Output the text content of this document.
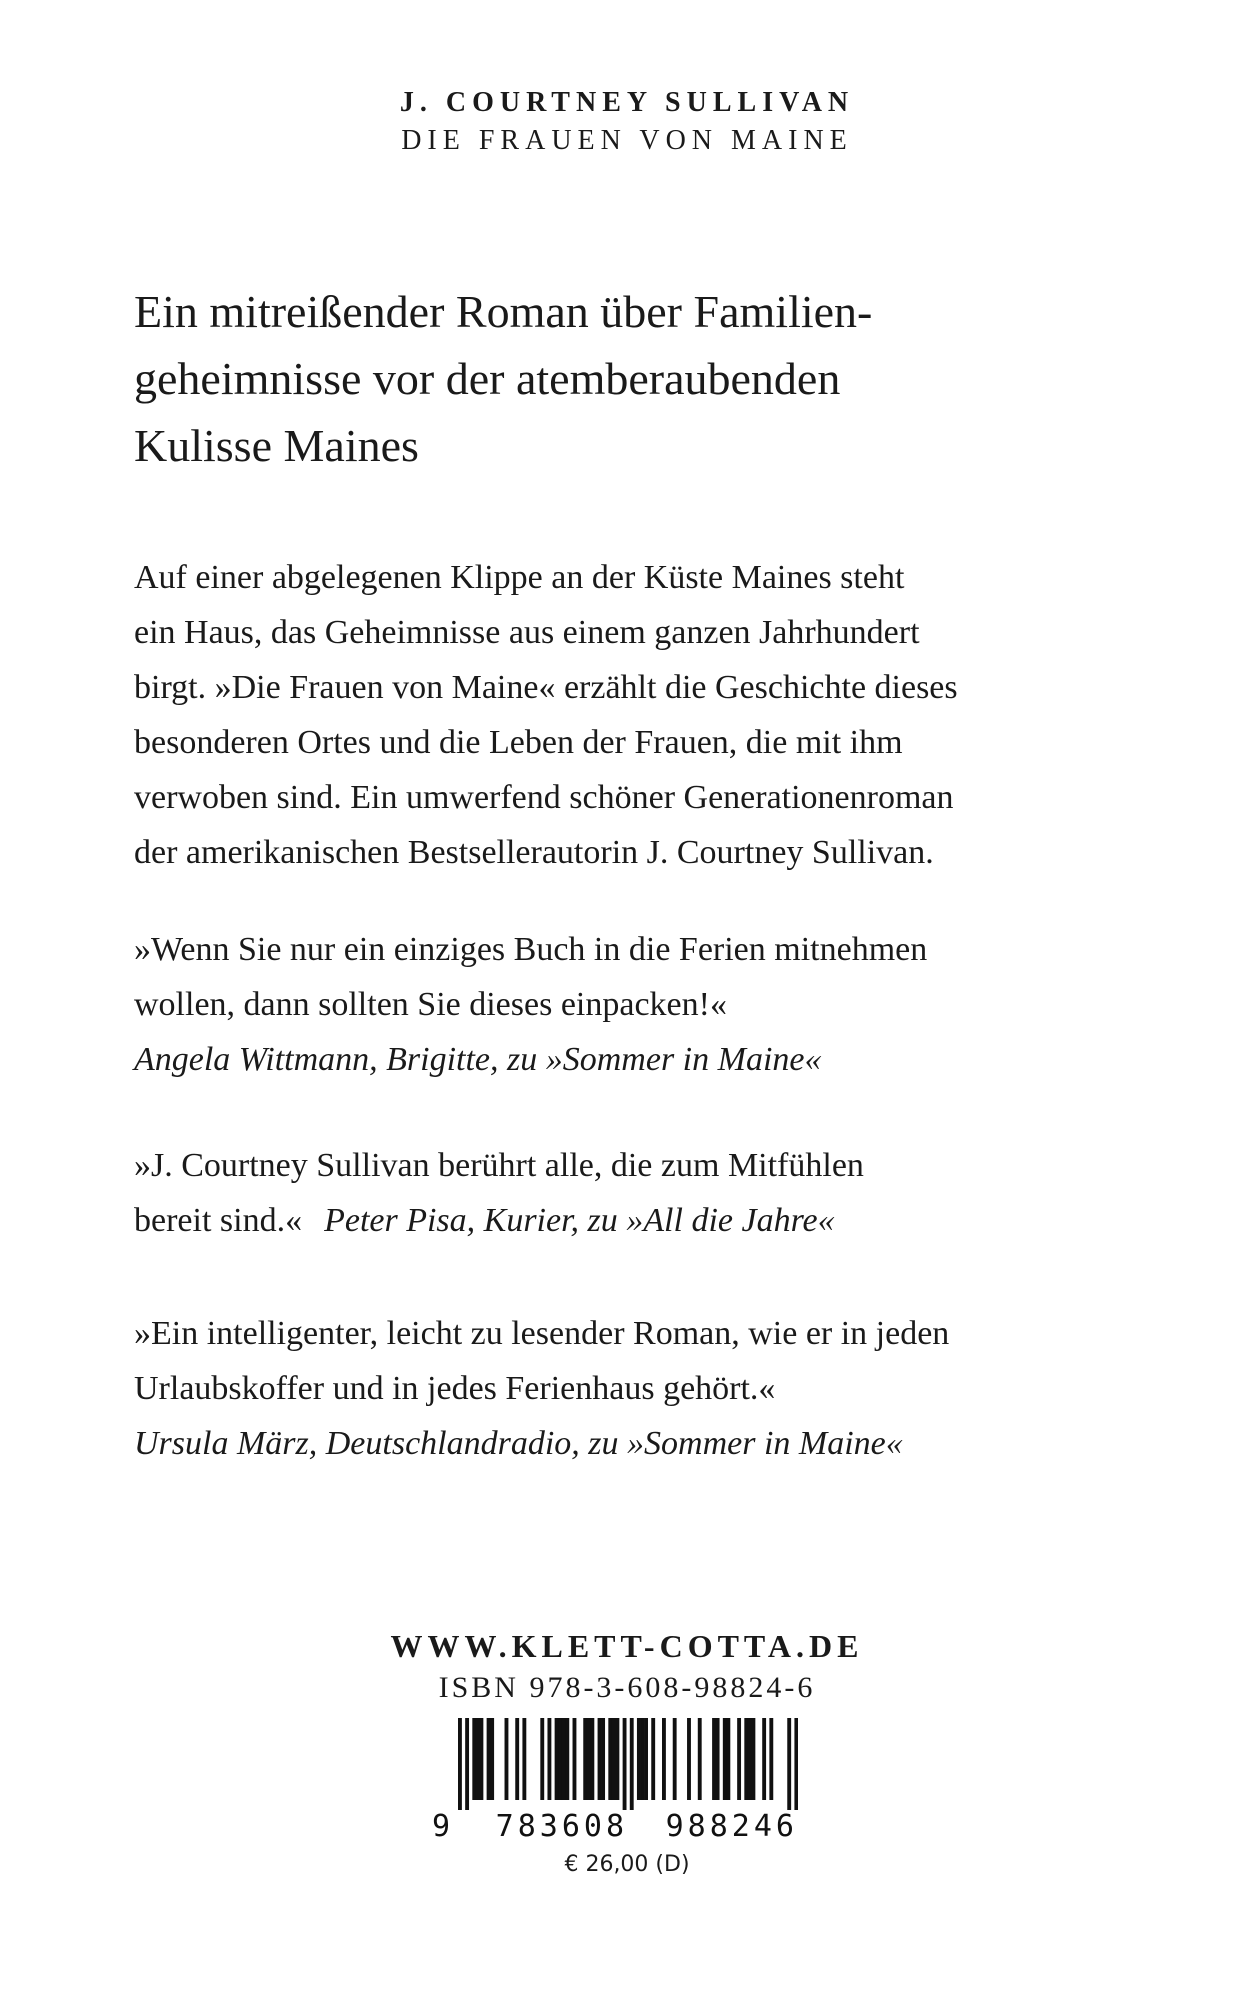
J. COURTNEY SULLIVAN
DIE FRAUEN VON MAINE
Ein mitreißender Roman über Familien-
geheimnisse vor der atemberaubenden
Kulisse Maines
Auf einer abgelegenen Klippe an der Küste Maines steht
ein Haus, das Geheimnisse aus einem ganzen Jahrhundert
birgt. »Die Frauen von Maine« erzählt die Geschichte dieses
besonderen Ortes und die Leben der Frauen, die mit ihm
verwoben sind. Ein umwerfend schöner Generationenroman
der amerikanischen Bestsellerautorin J. Courtney Sullivan.
»Wenn Sie nur ein einziges Buch in die Ferien mitnehmen
wollen, dann sollten Sie dieses einpacken!«
Angela Wittmann, Brigitte, zu »Sommer in Maine«
»J. Courtney Sullivan berührt alle, die zum Mitfühlen
bereit sind.« Peter Pisa, Kurier, zu »All die Jahre«
»Ein intelligenter, leicht zu lesender Roman, wie er in jeden
Urlaubskoffer und in jedes Ferienhaus gehört.«
Ursula März, Deutschlandradio, zu »Sommer in Maine«
WWW.KLETT-COTTA.DE
ISBN 978-3-608-98824-6
9 783608 988246
€ 26,00 (D)
